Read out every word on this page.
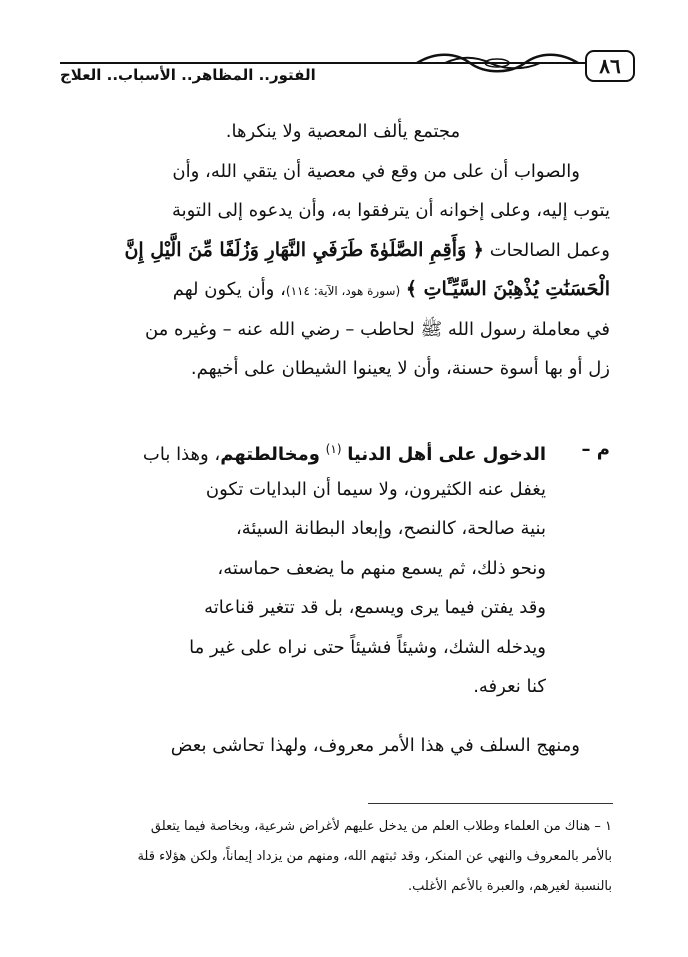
٨٦
الفتور.. المظاهر.. الأسباب.. العلاج
مجتمع يألف المعصية ولا ينكرها.
والصواب أن على من وقع في معصية أن يتقي الله، وأن
يتوب إليه، وعلى إخوانه أن يترفقوا به، وأن يدعوه إلى التوبة
وعمل الصالحات ﴿ وَأَقِمِ الصَّلَوٰةَ طَرَفَيِ النَّهَارِ وَزُلَفًا مِّنَ الَّيْلِ إِنَّ
الْحَسَنَٰتِ يُذْهِبْنَ السَّيِّـَٔاتِ ﴾ (سورة هود، الآية: ١١٤)، وأن يكون لهم
في معاملة رسول الله ﷺ لحاطب – رضي الله عنه – وغيره من
زل أو بها أسوة حسنة، وأن لا يعينوا الشيطان على أخيهم.
م –
الدخول على أهل الدنيا $^{(١)}$ ومخالطتهم، وهذا باب
يغفل عنه الكثيرون، ولا سيما أن البدايات تكون
بنية صالحة، كالنصح، وإبعاد البطانة السيئة،
ونحو ذلك، ثم يسمع منهم ما يضعف حماسته،
وقد يفتن فيما يرى ويسمع، بل قد تتغير قناعاته
ويدخله الشك، وشيئاً فشيئاً حتى نراه على غير ما
كنا نعرفه.
ومنهج السلف في هذا الأمر معروف، ولهذا تحاشى بعض
١ – هناك من العلماء وطلاب العلم من يدخل عليهم لأغراض شرعية، وبخاصة فيما يتعلق
بالأمر بالمعروف والنهي عن المنكر، وقد ثبتهم الله، ومنهم من يزداد إيماناً، ولكن هؤلاء قلة
بالنسبة لغيرهم، والعبرة بالأعم الأغلب.
